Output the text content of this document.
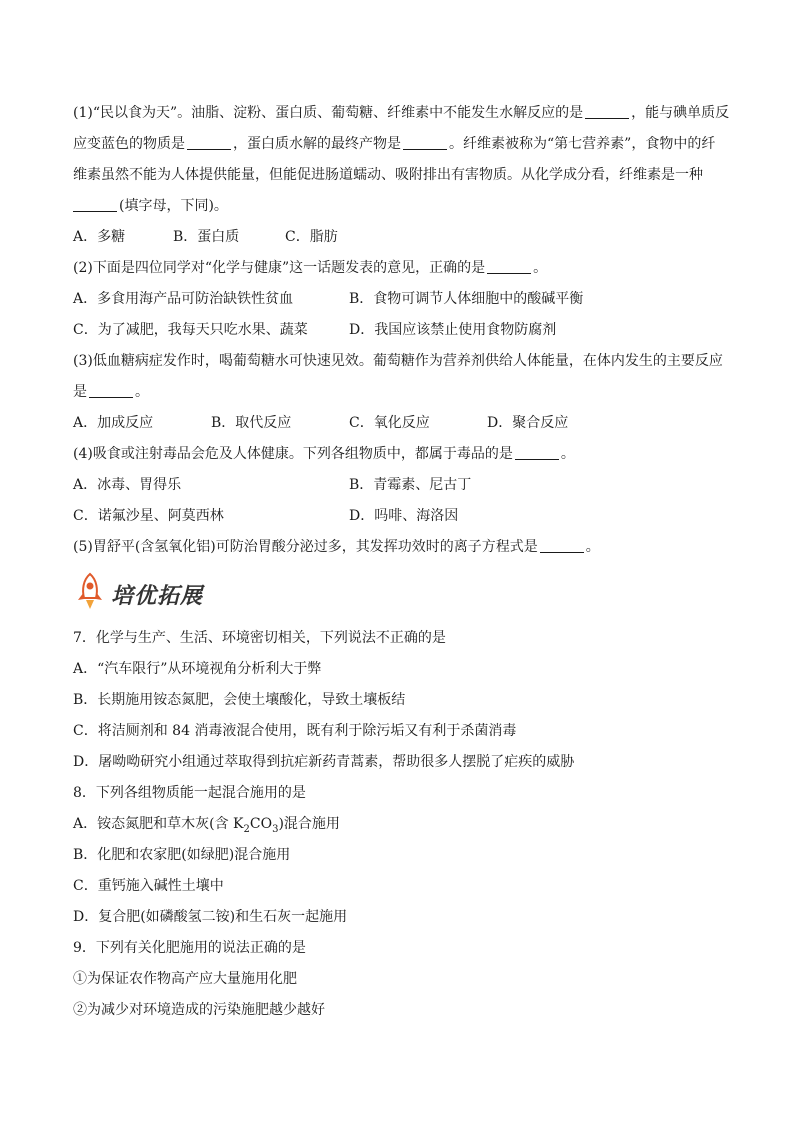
(1)“民以食为天”。油脂、淀粉、蛋白质、葡萄糖、纤维素中不能发生水解反应的是	，能与碘单质反
应变蓝色的物质是	，蛋白质水解的最终产物是	。纤维素被称为“第七营养素”，食物中的纤
维素虽然不能为人体提供能量，但能促进肠道蠕动、吸附排出有害物质。从化学成分看，纤维素是一种
(填字母，下同)。
A．多糖	B．蛋白质	C．脂肪
(2)下面是四位同学对“化学与健康”这一话题发表的意见，正确的是	。
A．多食用海产品可防治缺铁性贫血	B．食物可调节人体细胞中的酸碱平衡
C．为了减肥，我每天只吃水果、蔬菜	D．我国应该禁止使用食物防腐剂
(3)低血糖病症发作时，喝葡萄糖水可快速见效。葡萄糖作为营养剂供给人体能量，在体内发生的主要反应
是	。
A．加成反应	B．取代反应	C．氧化反应	D．聚合反应
(4)吸食或注射毒品会危及人体健康。下列各组物质中，都属于毒品的是	。
A．冰毒、胃得乐	B．青霉素、尼古丁
C．诺氟沙星、阿莫西林	D．吗啡、海洛因
(5)胃舒平(含氢氧化铝)可防治胃酸分泌过多，其发挥功效时的离子方程式是	。
培优拓展
7．化学与生产、生活、环境密切相关，下列说法不正确的是
A．“汽车限行”从环境视角分析利大于弊
B．长期施用铵态氮肥，会使土壤酸化，导致土壤板结
C．将洁厕剂和 84 消毒液混合使用，既有利于除污垢又有利于杀菌消毒
D．屠呦呦研究小组通过萃取得到抗疟新药青蒿素，帮助很多人摆脱了疟疾的威胁
8．下列各组物质能一起混合施用的是
A．铵态氮肥和草木灰(含 $K_2CO_3$)混合施用
B．化肥和农家肥(如绿肥)混合施用
C．重钙施入碱性土壤中
D．复合肥(如磷酸氢二铵)和生石灰一起施用
9．下列有关化肥施用的说法正确的是
①为保证农作物高产应大量施用化肥
②为减少对环境造成的污染施肥越少越好
